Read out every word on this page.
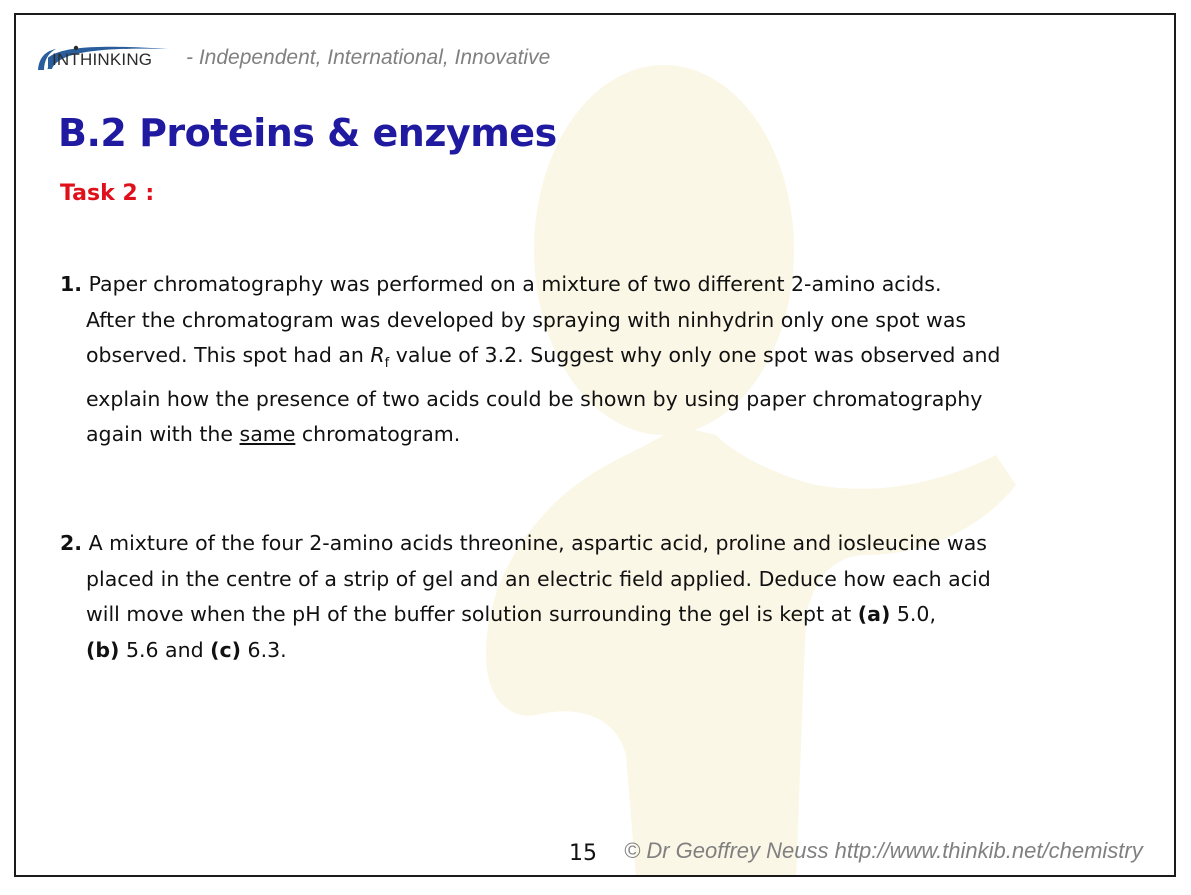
INTHINKING - Independent, International, Innovative
B.2 Proteins & enzymes
Task 2 :
1. Paper chromatography was performed on a mixture of two different 2-amino acids.
After the chromatogram was developed by spraying with ninhydrin only one spot was
observed. This spot had an $R_f$ value of 3.2. Suggest why only one spot was observed and
explain how the presence of two acids could be shown by using paper chromatography
again with the same chromatogram.
2. A mixture of the four 2-amino acids threonine, aspartic acid, proline and iosleucine was
placed in the centre of a strip of gel and an electric field applied. Deduce how each acid
will move when the pH of the buffer solution surrounding the gel is kept at (a) 5.0,
(b) 5.6 and (c) 6.3.
15 © Dr Geoffrey Neuss http://www.thinkib.net/chemistry
